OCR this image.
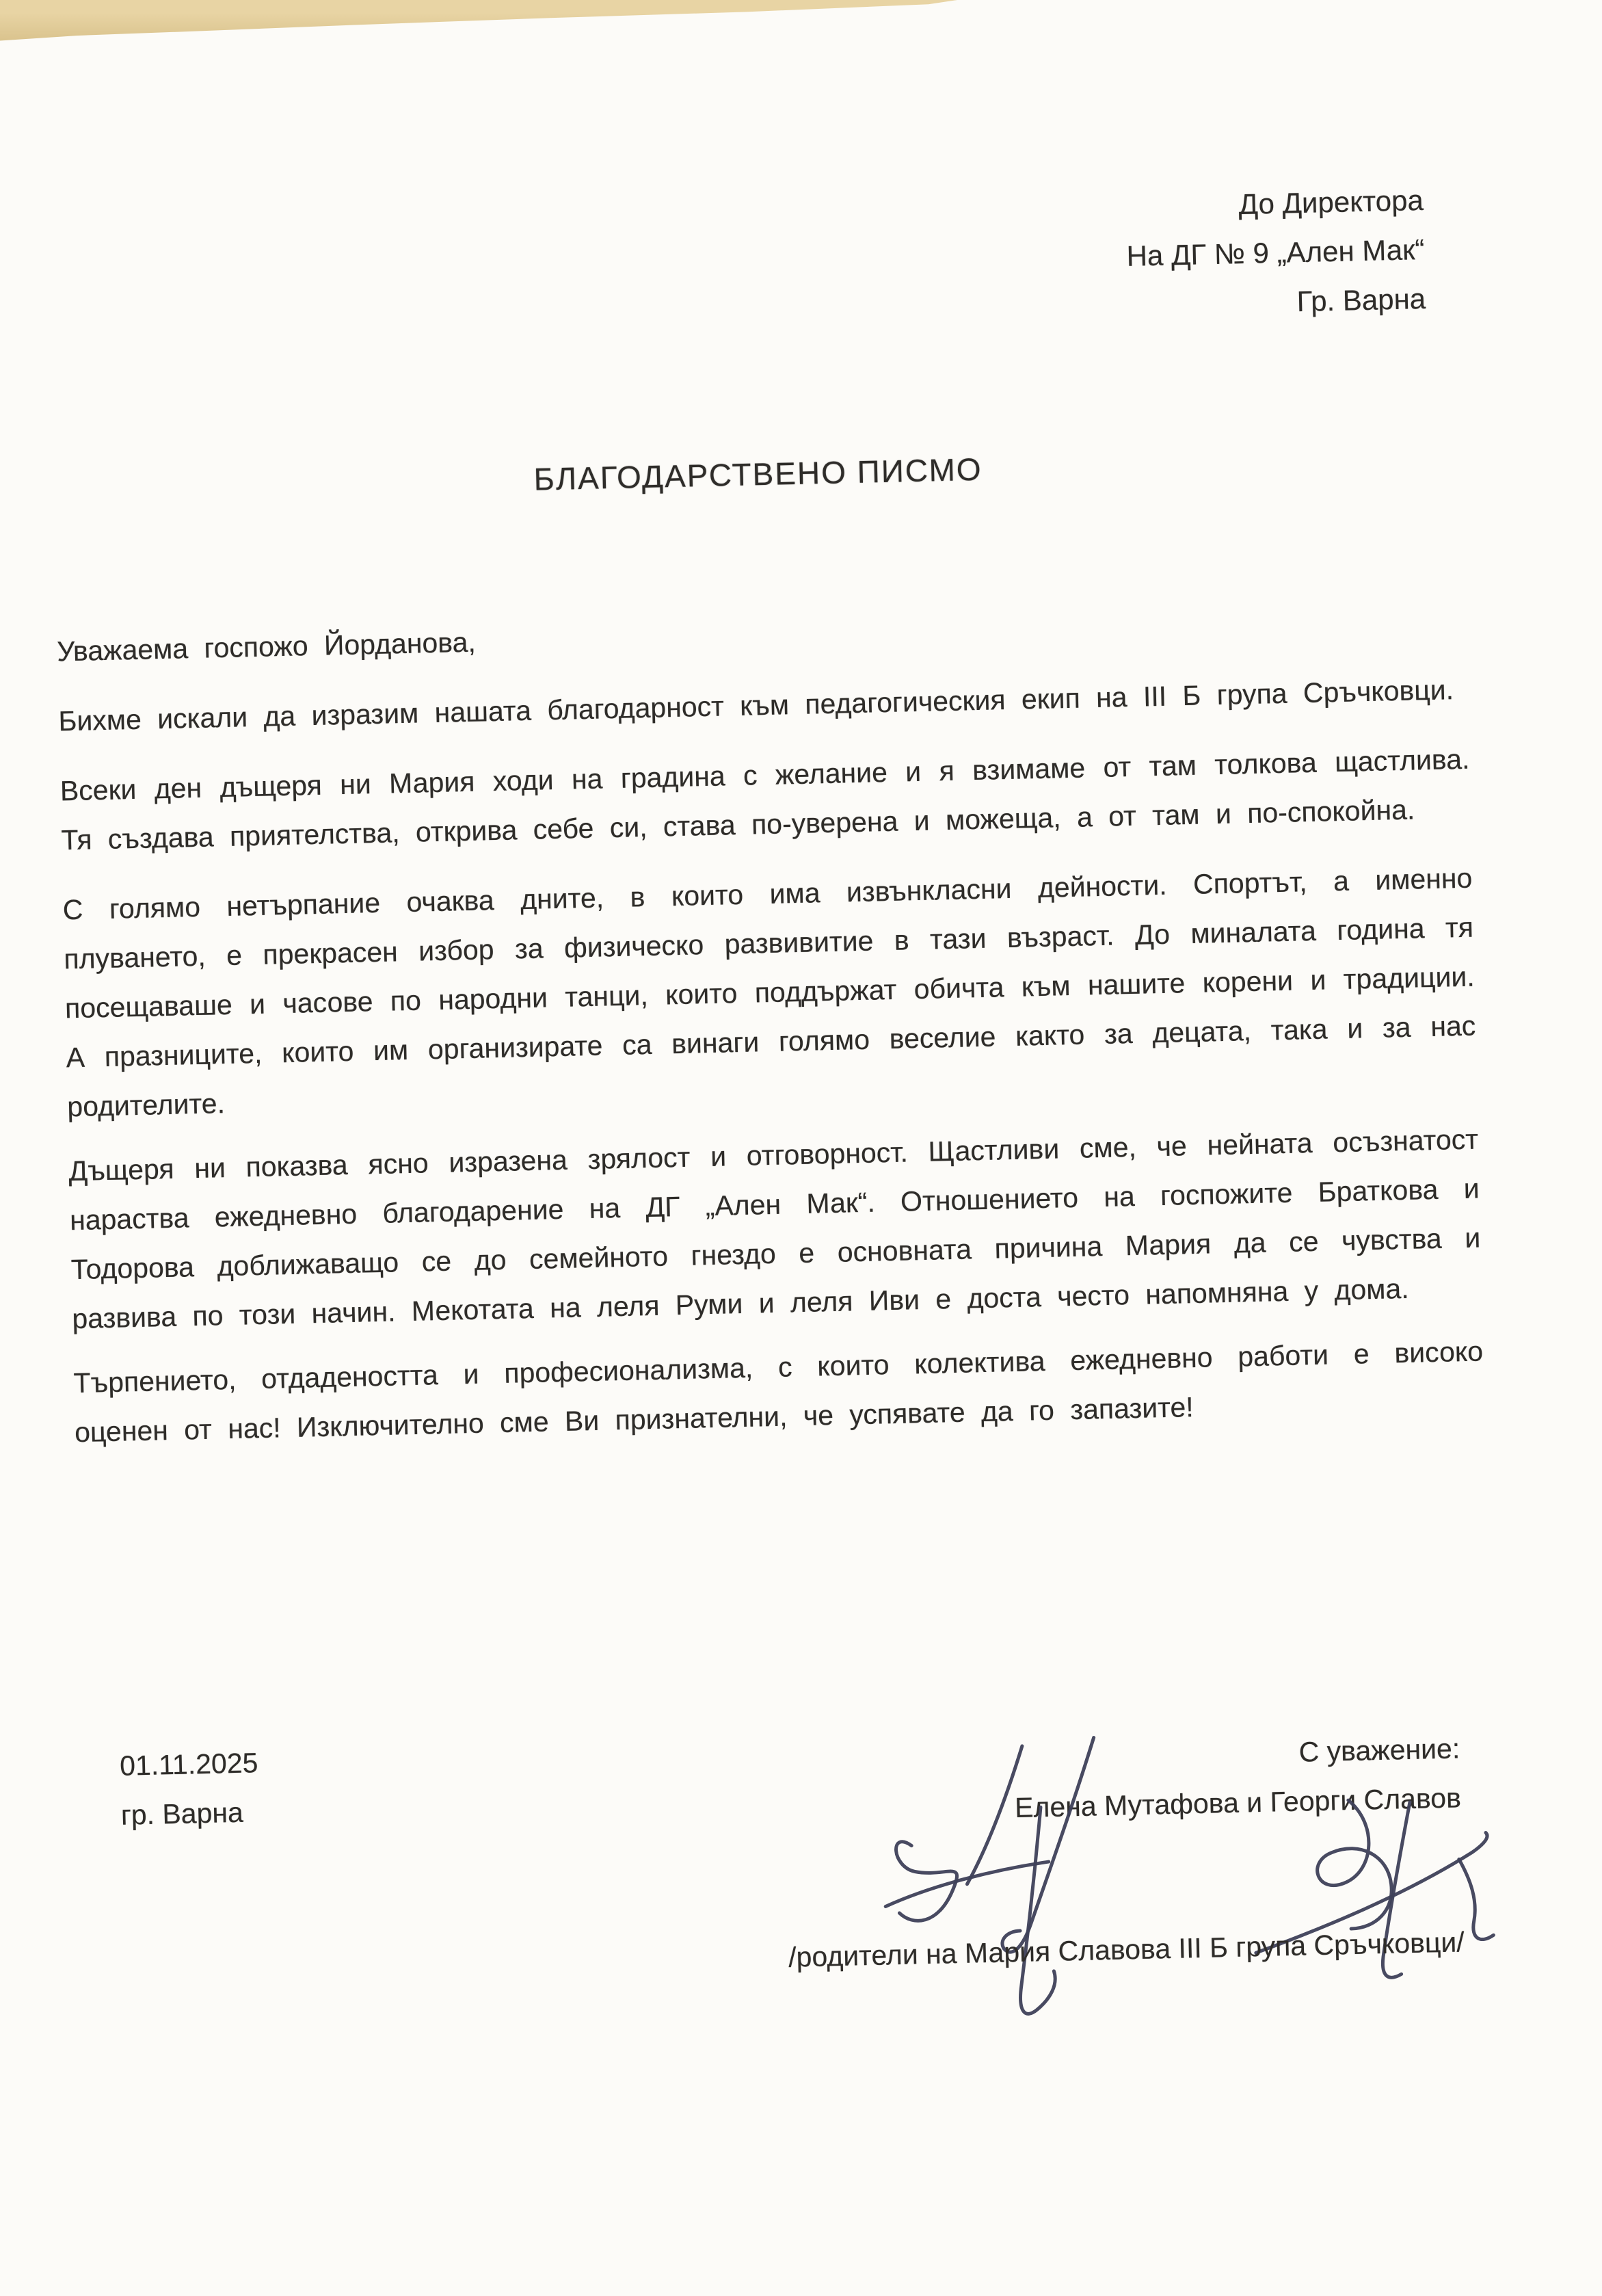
До Директора
На ДГ № 9 „Ален Мак“
Гр. Варна
БЛАГОДАРСТВЕНО ПИСМО

Уважаема госпожо Йорданова,

Бихме искали да изразим нашата благодарност към педагогическия екип на III Б група Сръчковци.

Всеки ден дъщеря ни Мария ходи на градина с желание и я взимаме от там толкова щастлива. Тя създава приятелства, открива себе си, става по-уверена и можеща, а от там и по-спокойна.

С голямо нетърпание очаква дните, в които има извънкласни дейности. Спортът, а именно плуването, е прекрасен избор за физическо развивитие в тази възраст. До миналата година тя посещаваше и часове по народни танци, които поддържат обичта към нашите корени и традиции. А празниците, които им организирате са винаги голямо веселие както за децата, така и за нас родителите.

Дъщеря ни показва ясно изразена зрялост и отговорност. Щастливи сме, че нейната осъзнатост нараства ежедневно благодарение на ДГ „Ален Мак“. Отношението на госпожите Браткова и Тодорова доближаващо се до семейното гнездо е основната причина Мария да се чувства и развива по този начин. Мекотата на леля Руми и леля Иви е доста често напомняна у дома.

Търпението, отдадеността и професионализма, с които колектива ежедневно работи е високо оценен от нас! Изключително сме Ви признателни, че успявате да го запазите!

01.11.2025
гр. Варна
С уважение:
Елена Мутафова и Георги Славов
/родители на Мария Славова III Б група Сръчковци/
